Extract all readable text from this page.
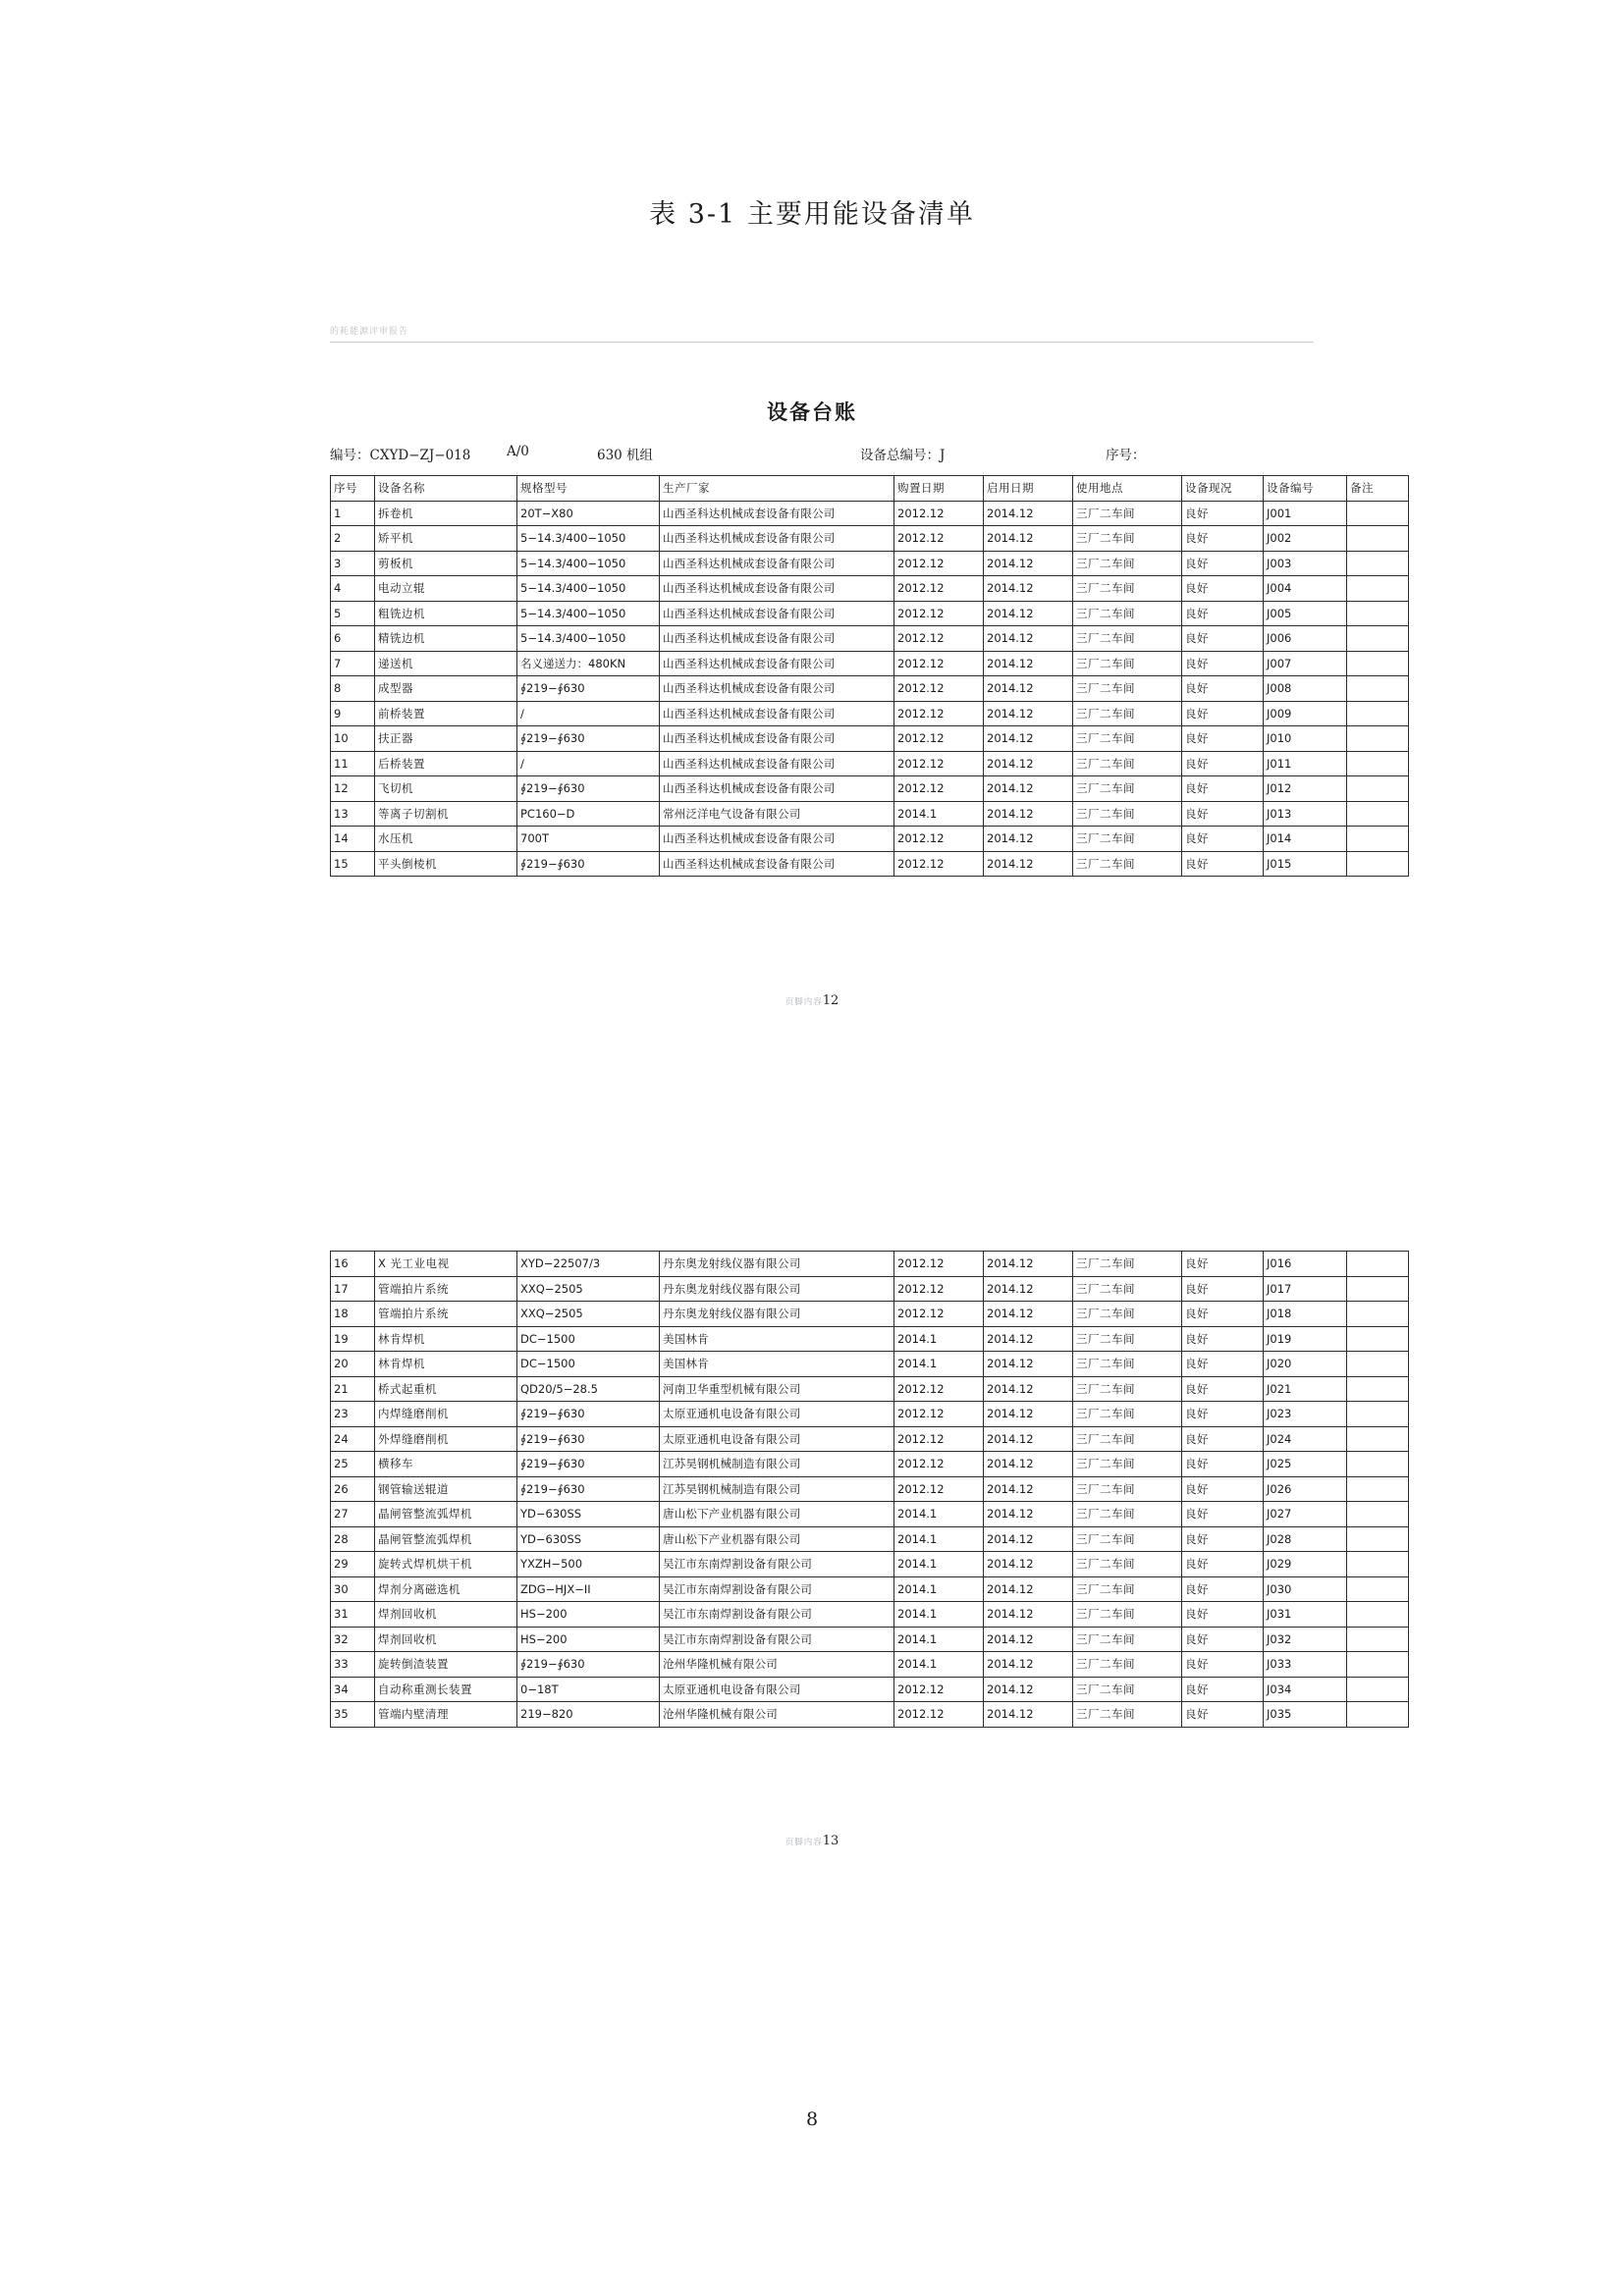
表 3-1 主要用能设备清单
的耗能源评审报告
设备台账
编号：CXYD−ZJ−018	A/0	630 机组	设备总编号：J	序号：
序号	设备名称	规格型号	生产厂家	购置日期	启用日期	使用地点	设备现况	设备编号	备注
1	拆卷机	20T−X80	山西圣科达机械成套设备有限公司	2012.12	2014.12	三厂二车间	良好	J001	
2	矫平机	5−14.3/400−1050	山西圣科达机械成套设备有限公司	2012.12	2014.12	三厂二车间	良好	J002	
3	剪板机	5−14.3/400−1050	山西圣科达机械成套设备有限公司	2012.12	2014.12	三厂二车间	良好	J003	
4	电动立辊	5−14.3/400−1050	山西圣科达机械成套设备有限公司	2012.12	2014.12	三厂二车间	良好	J004	
5	粗铣边机	5−14.3/400−1050	山西圣科达机械成套设备有限公司	2012.12	2014.12	三厂二车间	良好	J005	
6	精铣边机	5−14.3/400−1050	山西圣科达机械成套设备有限公司	2012.12	2014.12	三厂二车间	良好	J006	
7	递送机	名义递送力：480KN	山西圣科达机械成套设备有限公司	2012.12	2014.12	三厂二车间	良好	J007	
8	成型器	∮219−∮630	山西圣科达机械成套设备有限公司	2012.12	2014.12	三厂二车间	良好	J008	
9	前桥装置	/	山西圣科达机械成套设备有限公司	2012.12	2014.12	三厂二车间	良好	J009	
10	扶正器	∮219−∮630	山西圣科达机械成套设备有限公司	2012.12	2014.12	三厂二车间	良好	J010	
11	后桥装置	/	山西圣科达机械成套设备有限公司	2012.12	2014.12	三厂二车间	良好	J011	
12	飞切机	∮219−∮630	山西圣科达机械成套设备有限公司	2012.12	2014.12	三厂二车间	良好	J012	
13	等离子切割机	PC160−D	常州泛洋电气设备有限公司	2014.1	2014.12	三厂二车间	良好	J013	
14	水压机	700T	山西圣科达机械成套设备有限公司	2012.12	2014.12	三厂二车间	良好	J014	
15	平头倒棱机	∮219−∮630	山西圣科达机械成套设备有限公司	2012.12	2014.12	三厂二车间	良好	J015	
页脚内容12
16	X 光工业电视	XYD−22507/3	丹东奥龙射线仪器有限公司	2012.12	2014.12	三厂二车间	良好	J016	
17	管端拍片系统	XXQ−2505	丹东奥龙射线仪器有限公司	2012.12	2014.12	三厂二车间	良好	J017	
18	管端拍片系统	XXQ−2505	丹东奥龙射线仪器有限公司	2012.12	2014.12	三厂二车间	良好	J018	
19	林肯焊机	DC−1500	美国林肯	2014.1	2014.12	三厂二车间	良好	J019	
20	林肯焊机	DC−1500	美国林肯	2014.1	2014.12	三厂二车间	良好	J020	
21	桥式起重机	QD20/5−28.5	河南卫华重型机械有限公司	2012.12	2014.12	三厂二车间	良好	J021	
23	内焊缝磨削机	∮219−∮630	太原亚通机电设备有限公司	2012.12	2014.12	三厂二车间	良好	J023	
24	外焊缝磨削机	∮219−∮630	太原亚通机电设备有限公司	2012.12	2014.12	三厂二车间	良好	J024	
25	横移车	∮219−∮630	江苏昊钢机械制造有限公司	2012.12	2014.12	三厂二车间	良好	J025	
26	钢管输送辊道	∮219−∮630	江苏昊钢机械制造有限公司	2012.12	2014.12	三厂二车间	良好	J026	
27	晶闸管整流弧焊机	YD−630SS	唐山松下产业机器有限公司	2014.1	2014.12	三厂二车间	良好	J027	
28	晶闸管整流弧焊机	YD−630SS	唐山松下产业机器有限公司	2014.1	2014.12	三厂二车间	良好	J028	
29	旋转式焊机烘干机	YXZH−500	吴江市东南焊割设备有限公司	2014.1	2014.12	三厂二车间	良好	J029	
30	焊剂分离磁选机	ZDG−HJX−II	吴江市东南焊割设备有限公司	2014.1	2014.12	三厂二车间	良好	J030	
31	焊剂回收机	HS−200	吴江市东南焊割设备有限公司	2014.1	2014.12	三厂二车间	良好	J031	
32	焊剂回收机	HS−200	吴江市东南焊割设备有限公司	2014.1	2014.12	三厂二车间	良好	J032	
33	旋转倒渣装置	∮219−∮630	沧州华隆机械有限公司	2014.1	2014.12	三厂二车间	良好	J033	
34	自动称重测长装置	0−18T	太原亚通机电设备有限公司	2012.12	2014.12	三厂二车间	良好	J034	
35	管端内壁清理	219−820	沧州华隆机械有限公司	2012.12	2014.12	三厂二车间	良好	J035	
页脚内容13
8
